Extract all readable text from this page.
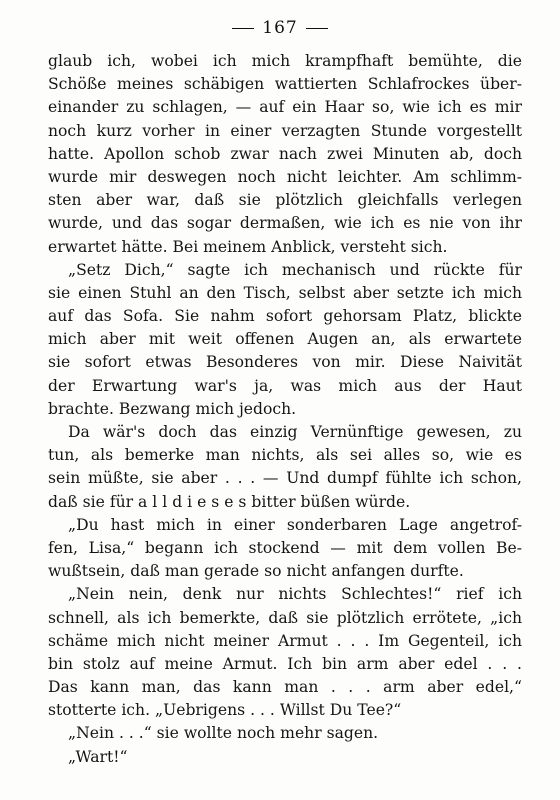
167
glaub ich, wobei ich mich krampfhaft bemühte, die
Schöße meines schäbigen wattierten Schlafrockes über-
einander zu schlagen, — auf ein Haar so, wie ich es mir
noch kurz vorher in einer verzagten Stunde vorgestellt
hatte. Apollon schob zwar nach zwei Minuten ab, doch
wurde mir deswegen noch nicht leichter. Am schlimm-
sten aber war, daß sie plötzlich gleichfalls verlegen
wurde, und das sogar dermaßen, wie ich es nie von ihr
erwartet hätte. Bei meinem Anblick, versteht sich.
„Setz Dich,“ sagte ich mechanisch und rückte für
sie einen Stuhl an den Tisch, selbst aber setzte ich mich
auf das Sofa. Sie nahm sofort gehorsam Platz, blickte
mich aber mit weit offenen Augen an, als erwartete
sie sofort etwas Besonderes von mir. Diese Naivität
der Erwartung war's ja, was mich aus der Haut
brachte. Bezwang mich jedoch.
Da wär's doch das einzig Vernünftige gewesen, zu
tun, als bemerke man nichts, als sei alles so, wie es
sein müßte, sie aber . . . — Und dumpf fühlte ich schon,
daß sie für a l l d i e s e s bitter büßen würde.
„Du hast mich in einer sonderbaren Lage angetrof-
fen, Lisa,“ begann ich stockend — mit dem vollen Be-
wußtsein, daß man gerade so nicht anfangen durfte.
„Nein nein, denk nur nichts Schlechtes!“ rief ich
schnell, als ich bemerkte, daß sie plötzlich errötete, „ich
schäme mich nicht meiner Armut . . . Im Gegenteil, ich
bin stolz auf meine Armut. Ich bin arm aber edel . . .
Das kann man, das kann man . . . arm aber edel,“
stotterte ich. „Uebrigens . . . Willst Du Tee?“
„Nein . . .“ sie wollte noch mehr sagen.
„Wart!“
